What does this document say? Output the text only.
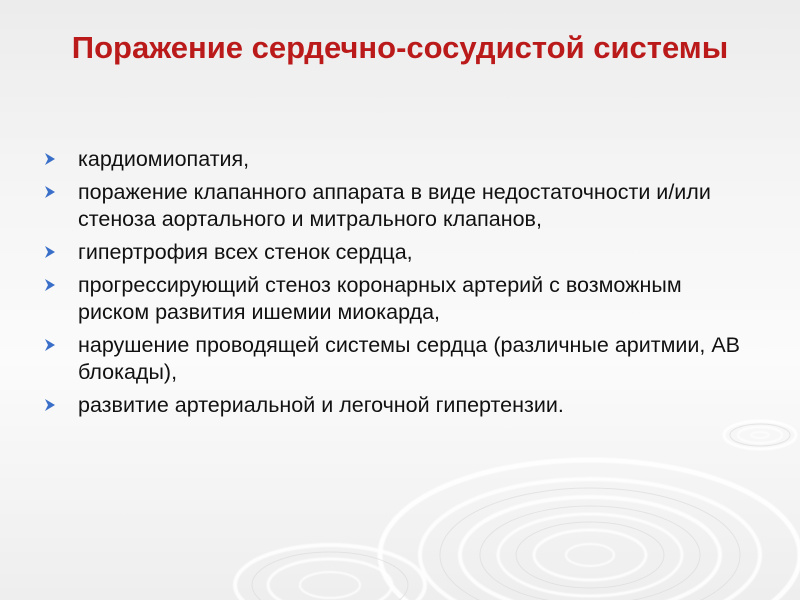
Поражение сердечно-сосудистой системы
кардиомиопатия,
поражение клапанного аппарата в виде недостаточности и/или стеноза аортального и митрального клапанов,
гипертрофия всех стенок сердца,
прогрессирующий стеноз коронарных артерий с возможным риском развития ишемии миокарда,
нарушение проводящей системы сердца (различные аритмии, АВ блокады),
развитие артериальной и легочной гипертензии.
